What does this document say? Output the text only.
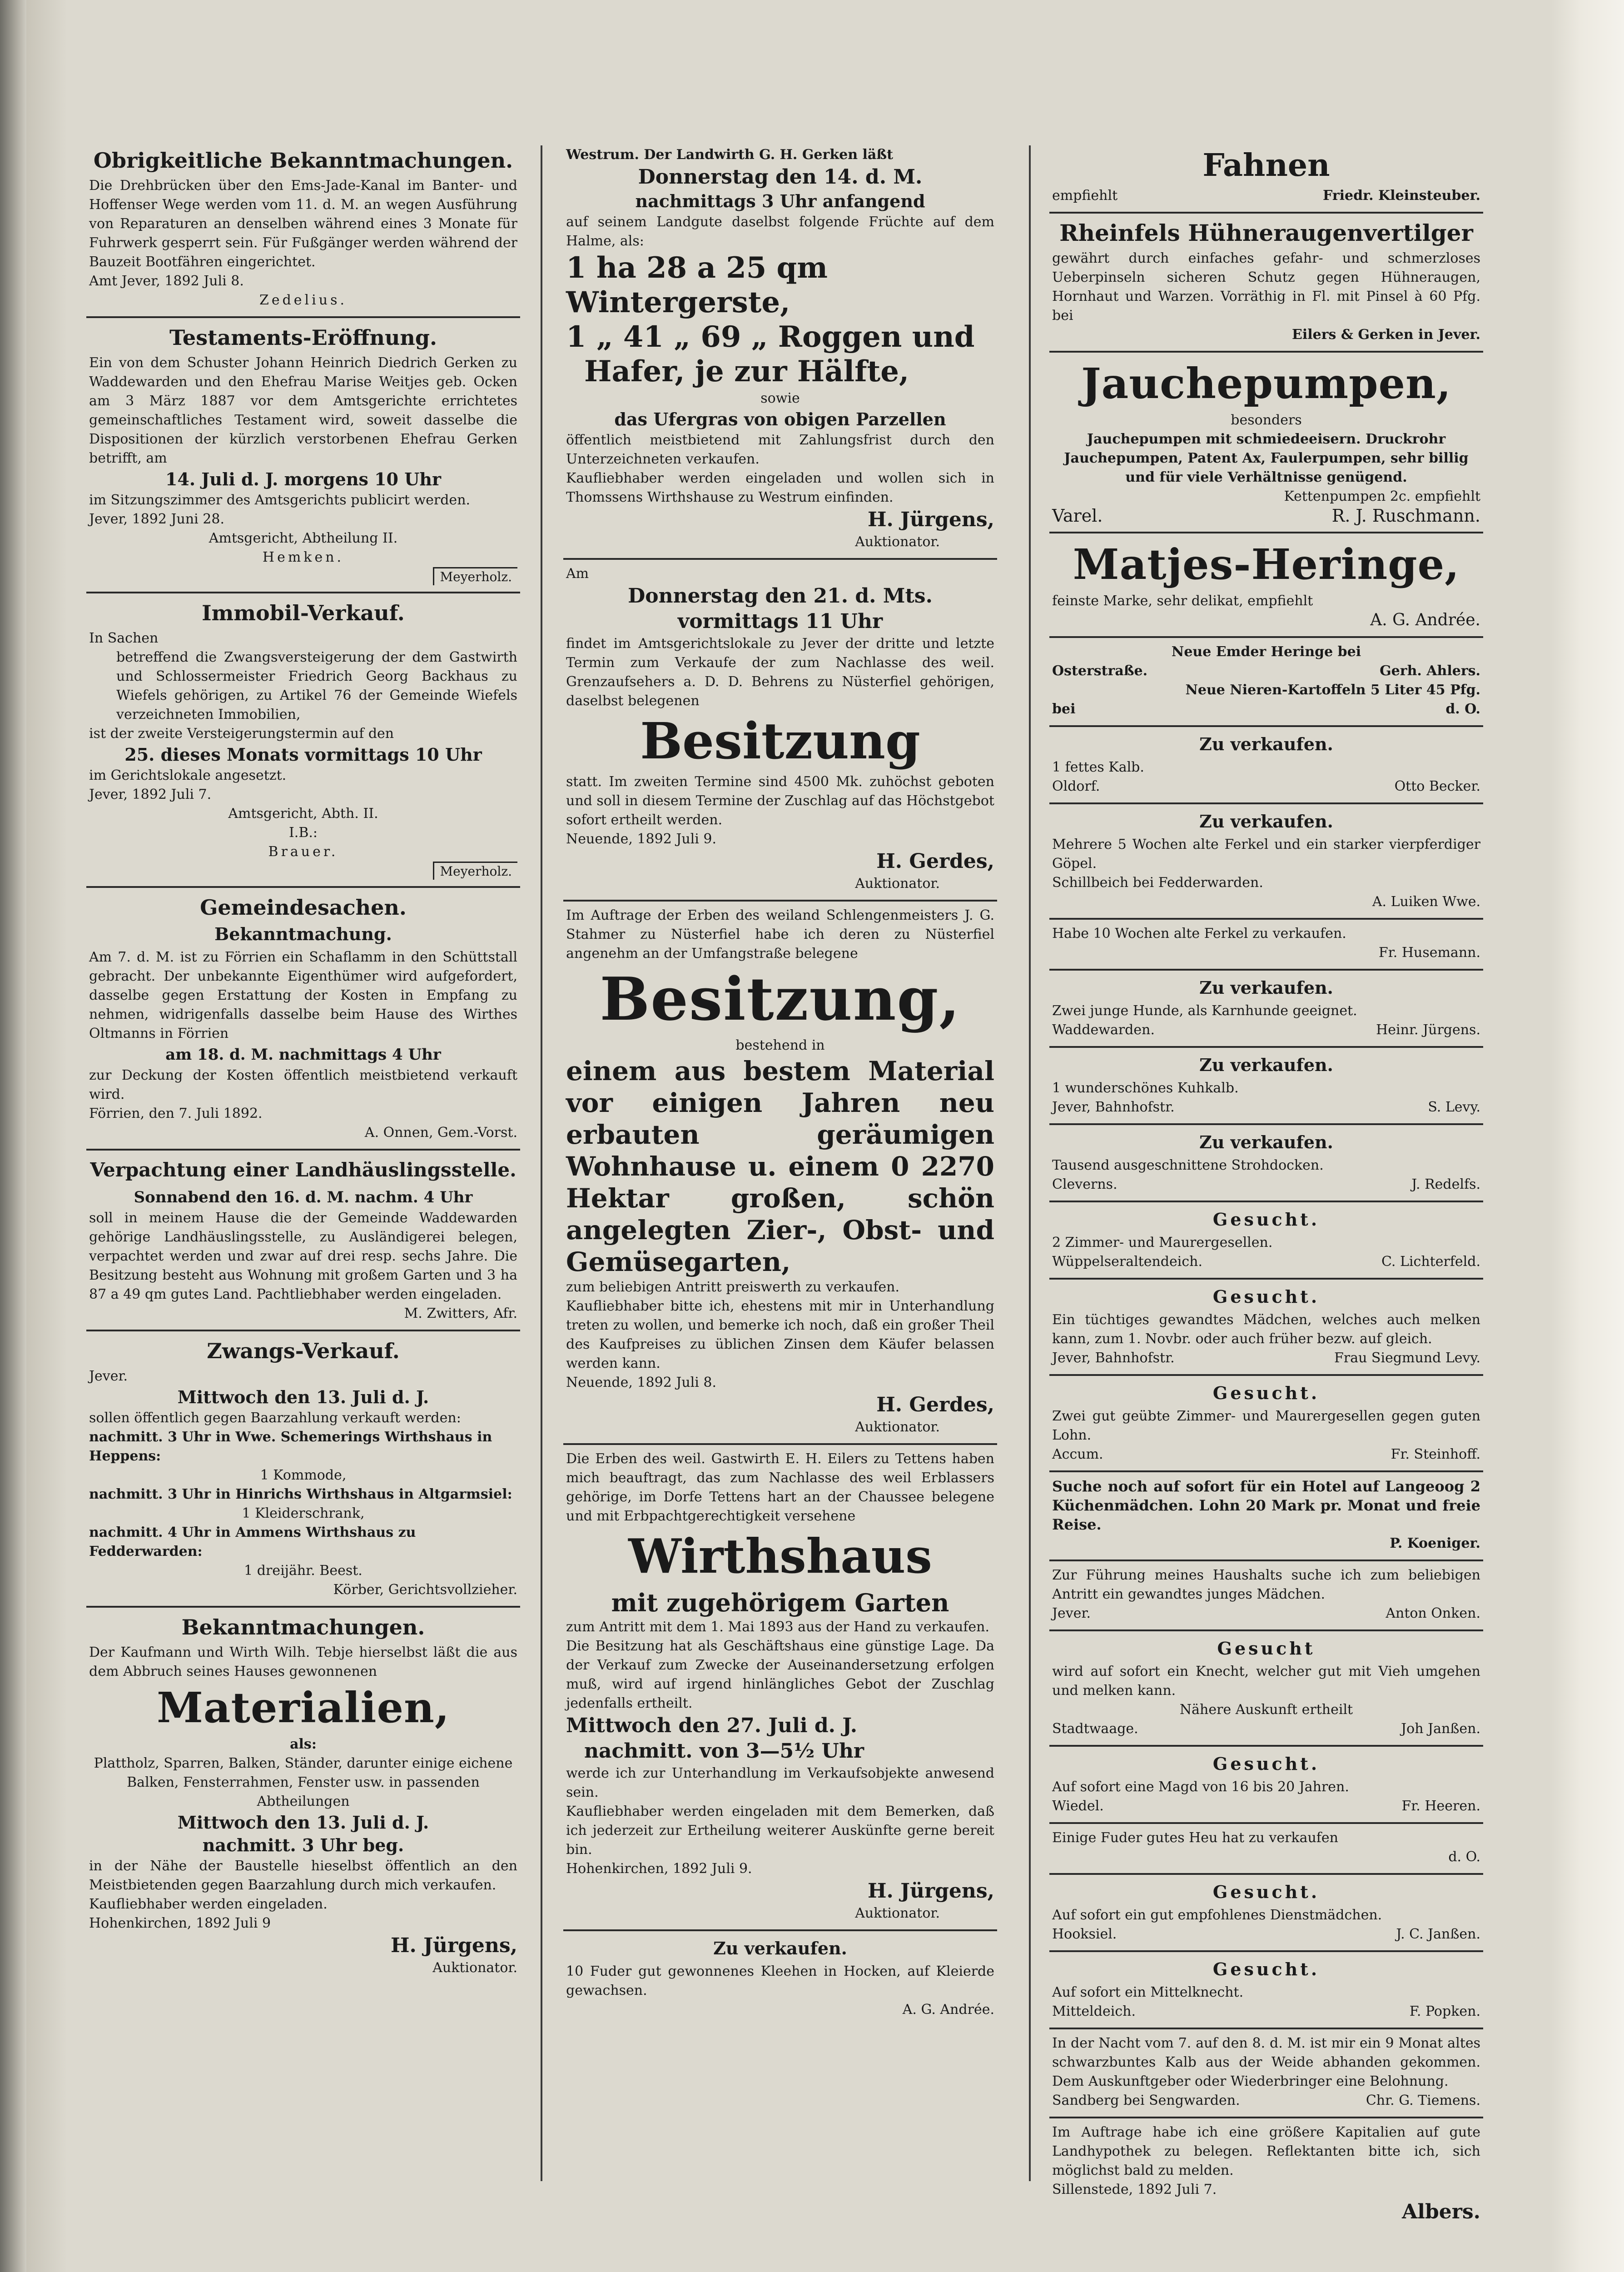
Obrigkeitliche Bekanntmachungen.

Die Drehbrücken über den Ems-Jade-Kanal im Banter- und Hoffenser Wege werden vom 11. d. M. an wegen Ausführung von Reparaturen an denselben während eines 3 Monate für Fuhrwerk gesperrt sein. Für Fußgänger werden während der Bauzeit Bootfähren eingerichtet.

Amt Jever, 1892 Juli 8.
Zedelius.
Testaments-Eröffnung.

Ein von dem Schuster Johann Heinrich Diedrich Gerken zu Waddewarden und den Ehefrau Marise Weitjes geb. Ocken am 3 März 1887 vor dem Amtsgerichte errichtetes gemeinschaftliches Testament wird, soweit dasselbe die Dispositionen der kürzlich verstorbenen Ehefrau Gerken betrifft, am

14. Juli d. J. morgens 10 Uhr

im Sitzungszimmer des Amtsgerichts publicirt werden.

Jever, 1892 Juni 28.
Amtsgericht, Abtheilung II.
Hemken.
Meyerholz.
Immobil-Verkauf.
In Sachen

betreffend die Zwangsversteigerung der dem Gastwirth und Schlossermeister Friedrich Georg Backhaus zu Wiefels gehörigen, zu Artikel 76 der Gemeinde Wiefels verzeichneten Immobilien,

ist der zweite Versteigerungstermin auf den
25. dieses Monats vormittags 10 Uhr
im Gerichtslokale angesetzt.
Jever, 1892 Juli 7.
Amtsgericht, Abth. II.
I.B.:
Brauer.
Meyerholz.
Gemeindesachen.
Bekanntmachung.

Am 7. d. M. ist zu Förrien ein Schaflamm in den Schüttstall gebracht. Der unbekannte Eigenthümer wird aufgefordert, dasselbe gegen Erstattung der Kosten in Empfang zu nehmen, widrigenfalls dasselbe beim Hause des Wirthes Oltmanns in Förrien

am 18. d. M. nachmittags 4 Uhr

zur Deckung der Kosten öffentlich meistbietend verkauft wird.

Förrien, den 7. Juli 1892.
A. Onnen, Gem.-Vorst.
Verpachtung einer Landhäuslingsstelle.
Sonnabend den 16. d. M. nachm. 4 Uhr

soll in meinem Hause die der Gemeinde Waddewarden gehörige Landhäuslingsstelle, zu Ausländigerei belegen, verpachtet werden und zwar auf drei resp. sechs Jahre. Die Besitzung besteht aus Wohnung mit großem Garten und 3 ha 87 a 49 qm gutes Land. Pachtliebhaber werden eingeladen.

M. Zwitters, Afr.
Zwangs-Verkauf.
Jever.
Mittwoch den 13. Juli d. J.

sollen öffentlich gegen Baarzahlung verkauft werden:

nachmitt. 3 Uhr in Wwe. Schemerings Wirthshaus in Heppens:
1 Kommode,
nachmitt. 3 Uhr in Hinrichs Wirthshaus in Altgarmsiel:
1 Kleiderschrank,
nachmitt. 4 Uhr in Ammens Wirthshaus zu Fedderwarden:
1 dreijähr. Beest.
Körber, Gerichtsvollzieher.
Bekanntmachungen.

Der Kaufmann und Wirth Wilh. Tebje hierselbst läßt die aus dem Abbruch seines Hauses gewonnenen

Materialien,
als:

Plattholz, Sparren, Balken, Ständer, darunter einige eichene Balken, Fensterrahmen, Fenster usw. in passenden Abtheilungen

Mittwoch den 13. Juli d. J.
nachmitt. 3 Uhr beg.

in der Nähe der Baustelle hieselbst öffentlich an den Meistbietenden gegen Baarzahlung durch mich verkaufen.

Kaufliebhaber werden eingeladen.
Hohenkirchen, 1892 Juli 9
H. Jürgens,
Auktionator.
Westrum. Der Landwirth G. H. Gerken läßt
Donnerstag den 14. d. M.
nachmittags 3 Uhr anfangend

auf seinem Landgute daselbst folgende Früchte auf dem Halme, als:

1 ha 28 a 25 qm Wintergerste,
1 „ 41 „ 69 „ Roggen und
Hafer, je zur Hälfte,
sowie
das Ufergras von obigen Parzellen

öffentlich meistbietend mit Zahlungsfrist durch den Unterzeichneten verkaufen.

Kaufliebhaber werden eingeladen und wollen sich in Thomssens Wirthshause zu Westrum einfinden.

H. Jürgens,
Auktionator.
Am
Donnerstag den 21. d. Mts.
vormittags 11 Uhr

findet im Amtsgerichtslokale zu Jever der dritte und letzte Termin zum Verkaufe der zum Nachlasse des weil. Grenzaufsehers a. D. D. Behrens zu Nüsterfiel gehörigen, daselbst belegenen

Besitzung

statt. Im zweiten Termine sind 4500 Mk. zuhöchst geboten und soll in diesem Termine der Zuschlag auf das Höchstgebot sofort ertheilt werden.

Neuende, 1892 Juli 9.
H. Gerdes,
Auktionator.

Im Auftrage der Erben des weiland Schlengenmeisters J. G. Stahmer zu Nüsterfiel habe ich deren zu Nüsterfiel angenehm an der Umfangstraße belegene

Besitzung,
bestehend in
einem aus bestem Material vor einigen Jahren neu erbauten geräumigen Wohnhause u. einem 0 2270 Hektar großen, schön angelegten Zier-, Obst- und Gemüsegarten,

zum beliebigen Antritt preiswerth zu verkaufen.

Kaufliebhaber bitte ich, ehestens mit mir in Unterhandlung treten zu wollen, und bemerke ich noch, daß ein großer Theil des Kaufpreises zu üblichen Zinsen dem Käufer belassen werden kann.

Neuende, 1892 Juli 8.
H. Gerdes,
Auktionator.

Die Erben des weil. Gastwirth E. H. Eilers zu Tettens haben mich beauftragt, das zum Nachlasse des weil Erblassers gehörige, im Dorfe Tettens hart an der Chaussee belegene und mit Erbpachtgerechtigkeit versehene

Wirthshaus
mit zugehörigem Garten

zum Antritt mit dem 1. Mai 1893 aus der Hand zu verkaufen.

Die Besitzung hat als Geschäftshaus eine günstige Lage. Da der Verkauf zum Zwecke der Auseinandersetzung erfolgen muß, wird auf irgend hinlängliches Gebot der Zuschlag jedenfalls ertheilt.

Mittwoch den 27. Juli d. J.
nachmitt. von 3—5½ Uhr

werde ich zur Unterhandlung im Verkaufsobjekte anwesend sein.

Kaufliebhaber werden eingeladen mit dem Bemerken, daß ich jederzeit zur Ertheilung weiterer Auskünfte gerne bereit bin.

Hohenkirchen, 1892 Juli 9.
H. Jürgens,
Auktionator.
Zu verkaufen.

10 Fuder gut gewonnenes Kleehen in Hocken, auf Kleierde gewachsen.

A. G. Andrée.
Fahnen
empfiehlt	Friedr. Kleinsteuber.
Rheinfels Hühneraugenvertilger

gewährt durch einfaches gefahr- und schmerzloses Ueberpinseln sicheren Schutz gegen Hühneraugen, Hornhaut und Warzen. Vorräthig in Fl. mit Pinsel à 60 Pfg. bei

Eilers & Gerken in Jever.
Jauchepumpen,
besonders

Jauchepumpen mit schmiedeeisern. Druckrohr Jauchepumpen, Patent Ax, Faulerpumpen, sehr billig und für viele Verhältnisse genügend.

Kettenpumpen 2c. empfiehlt
Varel.	R. J. Ruschmann.
Matjes-Heringe,
feinste Marke, sehr delikat, empfiehlt
A. G. Andrée.
Neue Emder Heringe bei
Osterstraße.	Gerh. Ahlers.
Neue Nieren-Kartoffeln 5 Liter 45 Pfg.
bei	d. O.
Zu verkaufen.
1 fettes Kalb.
Oldorf.	Otto Becker.
Zu verkaufen.

Mehrere 5 Wochen alte Ferkel und ein starker vierpferdiger Göpel.

Schillbeich bei Fedderwarden.
A. Luiken Wwe.
Habe 10 Wochen alte Ferkel zu verkaufen.
Fr. Husemann.
Zu verkaufen.
Zwei junge Hunde, als Karnhunde geeignet.
Waddewarden.	Heinr. Jürgens.
Zu verkaufen.
1 wunderschönes Kuhkalb.
Jever, Bahnhofstr.	S. Levy.
Zu verkaufen.
Tausend ausgeschnittene Strohdocken.
Cleverns.	J. Redelfs.
Gesucht.
2 Zimmer- und Maurergesellen.
Wüppelseraltendeich.	C. Lichterfeld.
Gesucht.

Ein tüchtiges gewandtes Mädchen, welches auch melken kann, zum 1. Novbr. oder auch früher bezw. auf gleich.

Jever, Bahnhofstr.	Frau Siegmund Levy.
Gesucht.

Zwei gut geübte Zimmer- und Maurergesellen gegen guten Lohn.

Accum.	Fr. Steinhoff.

Suche noch auf sofort für ein Hotel auf Langeoog 2 Küchenmädchen. Lohn 20 Mark pr. Monat und freie Reise.

P. Koeniger.

Zur Führung meines Haushalts suche ich zum beliebigen Antritt ein gewandtes junges Mädchen.

Jever.	Anton Onken.
Gesucht

wird auf sofort ein Knecht, welcher gut mit Vieh umgehen und melken kann.

Nähere Auskunft ertheilt
Stadtwaage.	Joh Janßen.
Gesucht.
Auf sofort eine Magd von 16 bis 20 Jahren.
Wiedel.	Fr. Heeren.
Einige Fuder gutes Heu hat zu verkaufen
d. O.
Gesucht.
Auf sofort ein gut empfohlenes Dienstmädchen.
Hooksiel.	J. C. Janßen.
Gesucht.
Auf sofort ein Mittelknecht.
Mitteldeich.	F. Popken.

In der Nacht vom 7. auf den 8. d. M. ist mir ein 9 Monat altes schwarzbuntes Kalb aus der Weide abhanden gekommen. Dem Auskunftgeber oder Wiederbringer eine Belohnung.

Sandberg bei Sengwarden.	Chr. G. Tiemens.

Im Auftrage habe ich eine größere Kapitalien auf gute Landhypothek zu belegen. Reflektanten bitte ich, sich möglichst bald zu melden.

Sillenstede, 1892 Juli 7.
Albers.
